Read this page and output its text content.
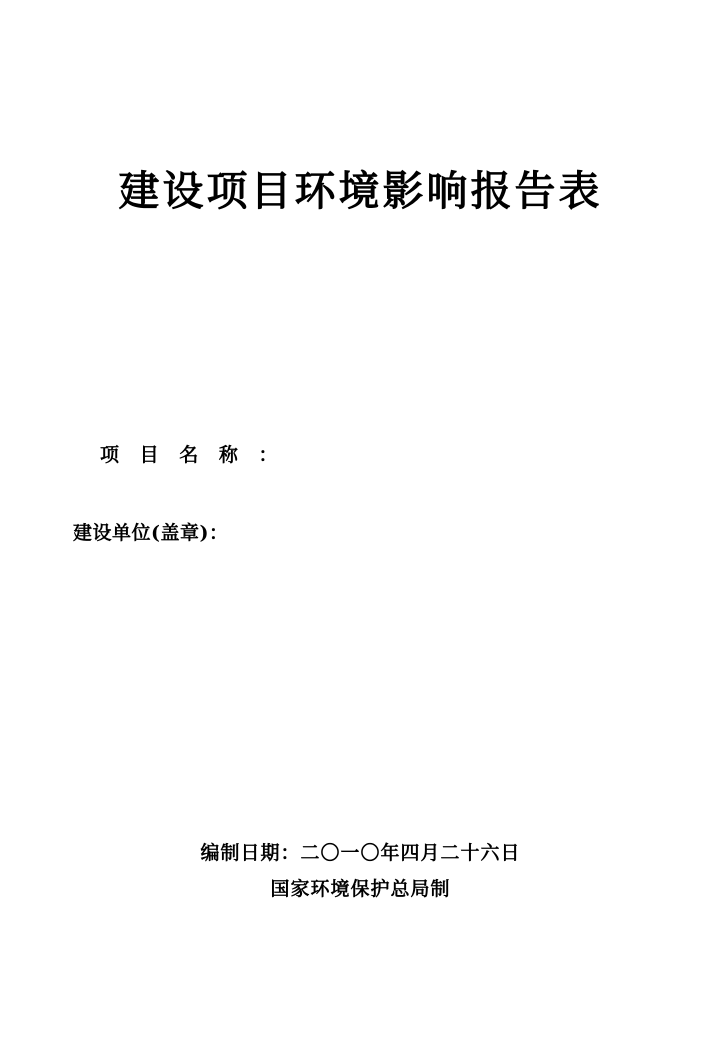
建设项目环境影响报告表
项 目 名 称 ：
建设单位(盖章)：
编制日期：二〇一〇年四月二十六日
国家环境保护总局制
